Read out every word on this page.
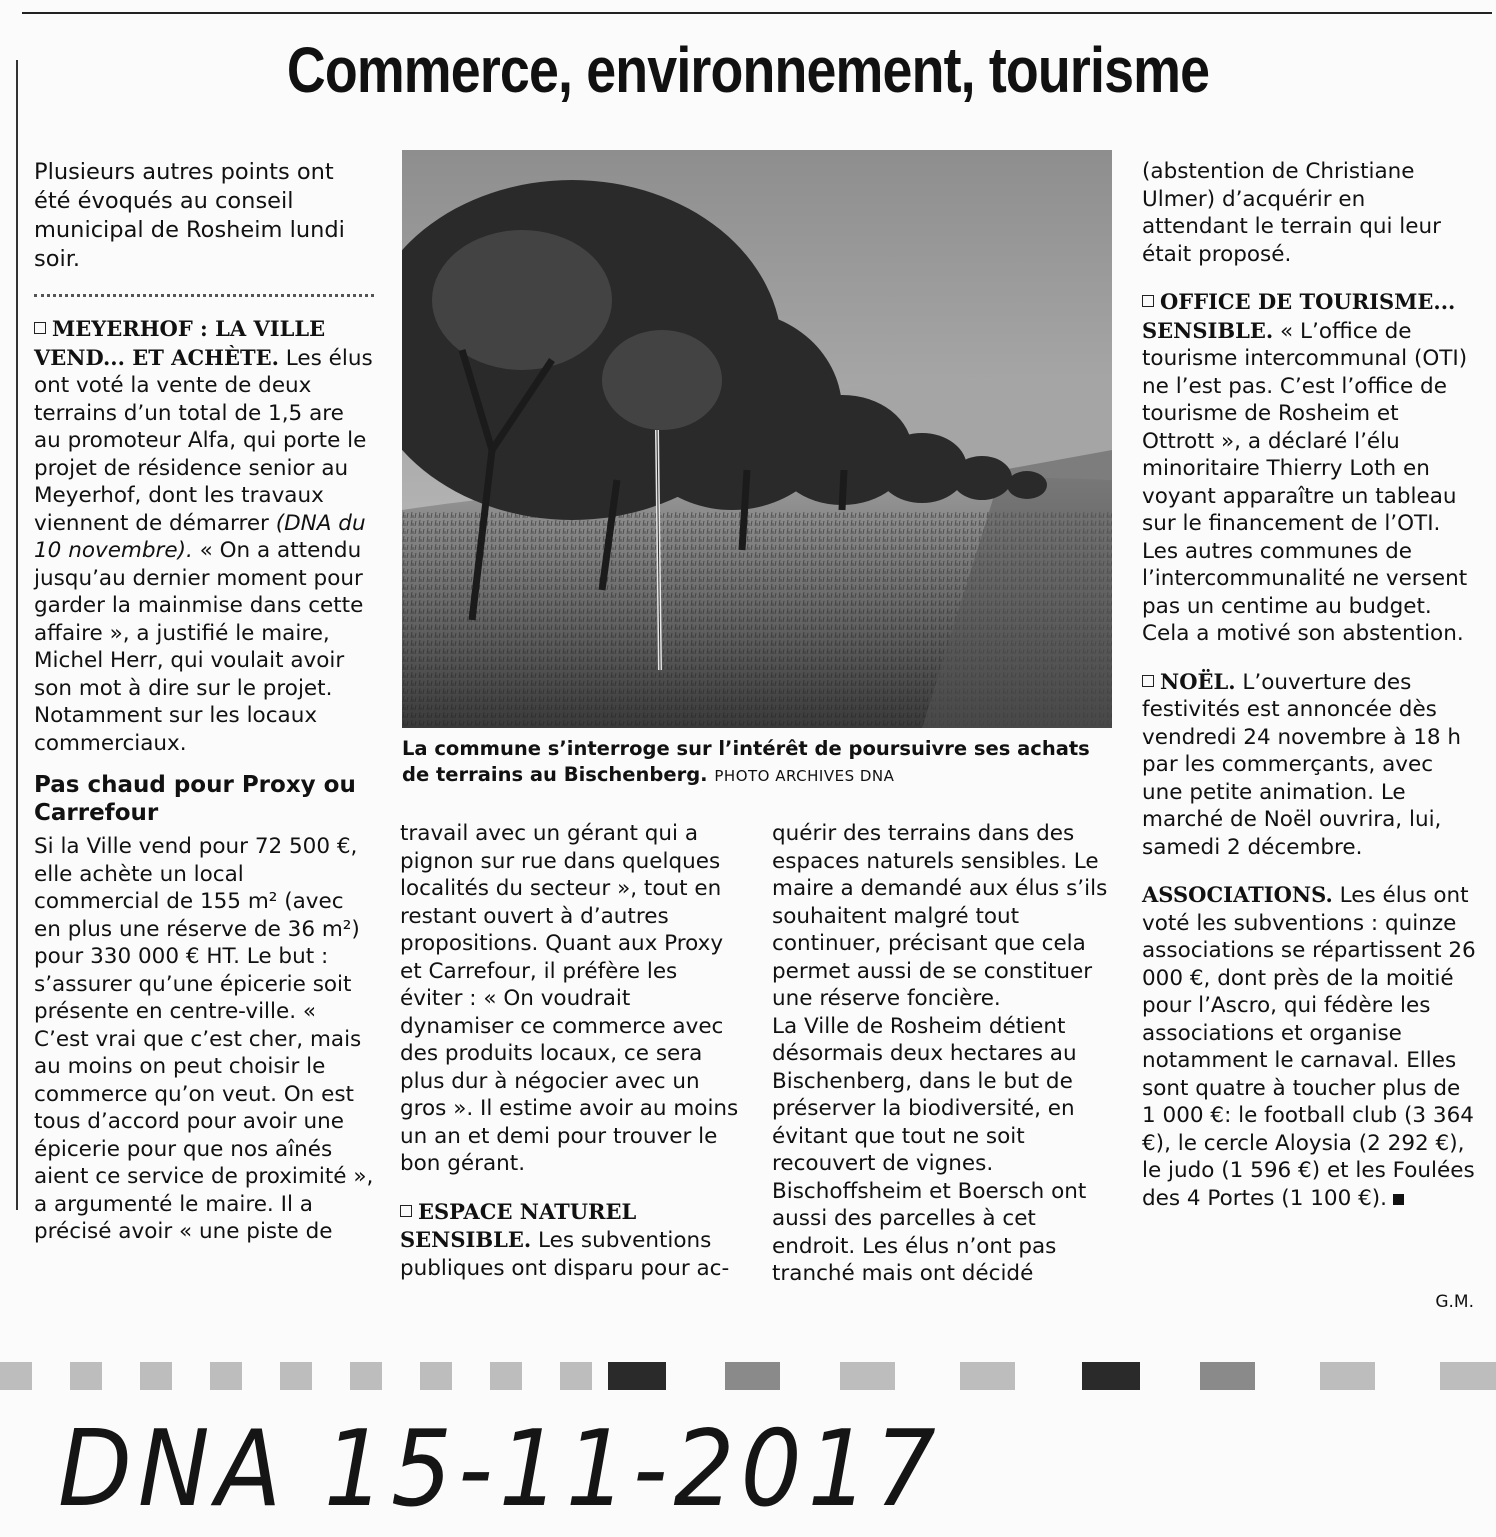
Commerce, environnement, tourisme

Plusieurs autres points ont été évoqués au conseil municipal de Rosheim lundi soir.

MEYERHOF : LA VILLE VEND... ET ACHÈTE. Les élus ont voté la vente de deux terrains d’un total de 1,5 are au promoteur Alfa, qui porte le projet de résidence senior au Meyerhof, dont les travaux viennent de démarrer (DNA du 10 novembre). « On a attendu jusqu’au dernier moment pour garder la mainmise dans cette affaire », a justifié le maire, Michel Herr, qui voulait avoir son mot à dire sur le projet. Notamment sur les locaux commerciaux.

Pas chaud pour Proxy ou Carrefour

Si la Ville vend pour 72 500 €, elle achète un local commercial de 155 m² (avec en plus une réserve de 36 m²) pour 330 000 € HT. Le but : s’assurer qu’une épicerie soit présente en centre-ville. « C’est vrai que c’est cher, mais au moins on peut choisir le commerce qu’on veut. On est tous d’accord pour avoir une épicerie pour que nos aînés aient ce service de proximité », a argumenté le maire. Il a précisé avoir « une piste de

La commune s’interroge sur l’intérêt de poursuivre ses achats de terrains au Bischenberg. PHOTO ARCHIVES DNA

travail avec un gérant qui a pignon sur rue dans quelques localités du secteur », tout en restant ouvert à d’autres propositions. Quant aux Proxy et Carrefour, il préfère les éviter : « On voudrait dynamiser ce commerce avec des produits locaux, ce sera plus dur à négocier avec un gros ». Il estime avoir au moins un an et demi pour trouver le bon gérant.

ESPACE NATUREL SENSIBLE. Les subventions publiques ont disparu pour ac-

quérir des terrains dans des espaces naturels sensibles. Le maire a demandé aux élus s’ils souhaitent malgré tout continuer, précisant que cela permet aussi de se constituer une réserve foncière.

La Ville de Rosheim détient désormais deux hectares au Bischenberg, dans le but de préserver la biodiversité, en évitant que tout ne soit recouvert de vignes. Bischoffsheim et Boersch ont aussi des parcelles à cet endroit. Les élus n’ont pas tranché mais ont décidé

(abstention de Christiane Ulmer) d’acquérir en attendant le terrain qui leur était proposé.

OFFICE DE TOURISME... SENSIBLE. « L’office de tourisme intercommunal (OTI) ne l’est pas. C’est l’office de tourisme de Rosheim et Ottrott », a déclaré l’élu minoritaire Thierry Loth en voyant apparaître un tableau sur le financement de l’OTI. Les autres communes de l’intercommunalité ne versent pas un centime au budget. Cela a motivé son abstention.

NOËL. L’ouverture des festivités est annoncée dès vendredi 24 novembre à 18 h par les commerçants, avec une petite animation. Le marché de Noël ouvrira, lui, samedi 2 décembre.

ASSOCIATIONS. Les élus ont voté les subventions : quinze associations se répartissent 26 000 €, dont près de la moitié pour l’Ascro, qui fédère les associations et organise notamment le carnaval. Elles sont quatre à toucher plus de 1 000 €: le football club (3 364 €), le cercle Aloysia (2 292 €), le judo (1 596 €) et les Foulées des 4 Portes (1 100 €).

G.M.
DNA 15-11-2017
